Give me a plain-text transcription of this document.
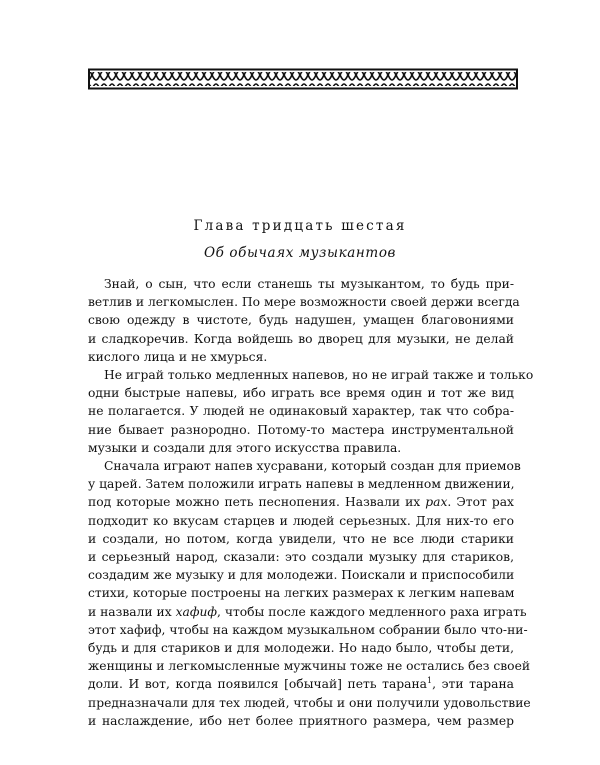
Глава тридцать шестая
Об обычаях музыкантов

Знай, о сын, что если станешь ты музыкантом, то будь при-
ветлив и легкомыслен. По мере возможности своей держи всегда
свою одежду в чистоте, будь надушен, умащен благовониями
и сладкоречив. Когда войдешь во дворец для музыки, не делай
кислого лица и не хмурься.

Не играй только медленных напевов, но не играй также и только
одни быстрые напевы, ибо играть все время один и тот же вид
не полагается. У людей не одинаковый характер, так что собра-
ние бывает разнородно. Потому-то мастера инструментальной
музыки и создали для этого искусства правила.

Сначала играют напев хусравани, который создан для приемов
у царей. Затем положили играть напевы в медленном движении,
под которые можно петь песнопения. Назвали их рах. Этот рах
подходит ко вкусам старцев и людей серьезных. Для них-то его
и создали, но потом, когда увидели, что не все люди старики
и серьезный народ, сказали: это создали музыку для стариков,
создадим же музыку и для молодежи. Поискали и приспособили
стихи, которые построены на легких размерах к легким напевам
и назвали их хафиф, чтобы после каждого медленного раха играть
этот хафиф, чтобы на каждом музыкальном собрании было что-ни-
будь и для стариков и для молодежи. Но надо было, чтобы дети,
женщины и легкомысленные мужчины тоже не остались без своей
доли. И вот, когда появился [обычай] петь тарана$^1$, эти тарана
предназначали для тех людей, чтобы и они получили удовольствие
и наслаждение, ибо нет более приятного размера, чем размер
